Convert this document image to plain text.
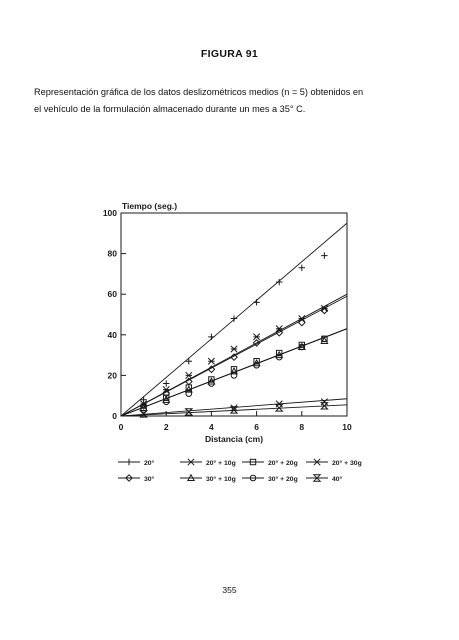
FIGURA 91
Representación gráfica de los datos deslizométricos medios (n = 5) obtenidos en
el vehículo de la formulación almacenado durante un mes a 35° C.
0
20
40
60
80
100
0	2	4	6	8	10
Tiempo (seg.)
Distancia (cm)
20°	20° + 10g	20° + 20g	20° + 30g
30°	30° + 10g	30° + 20g	40°
355
